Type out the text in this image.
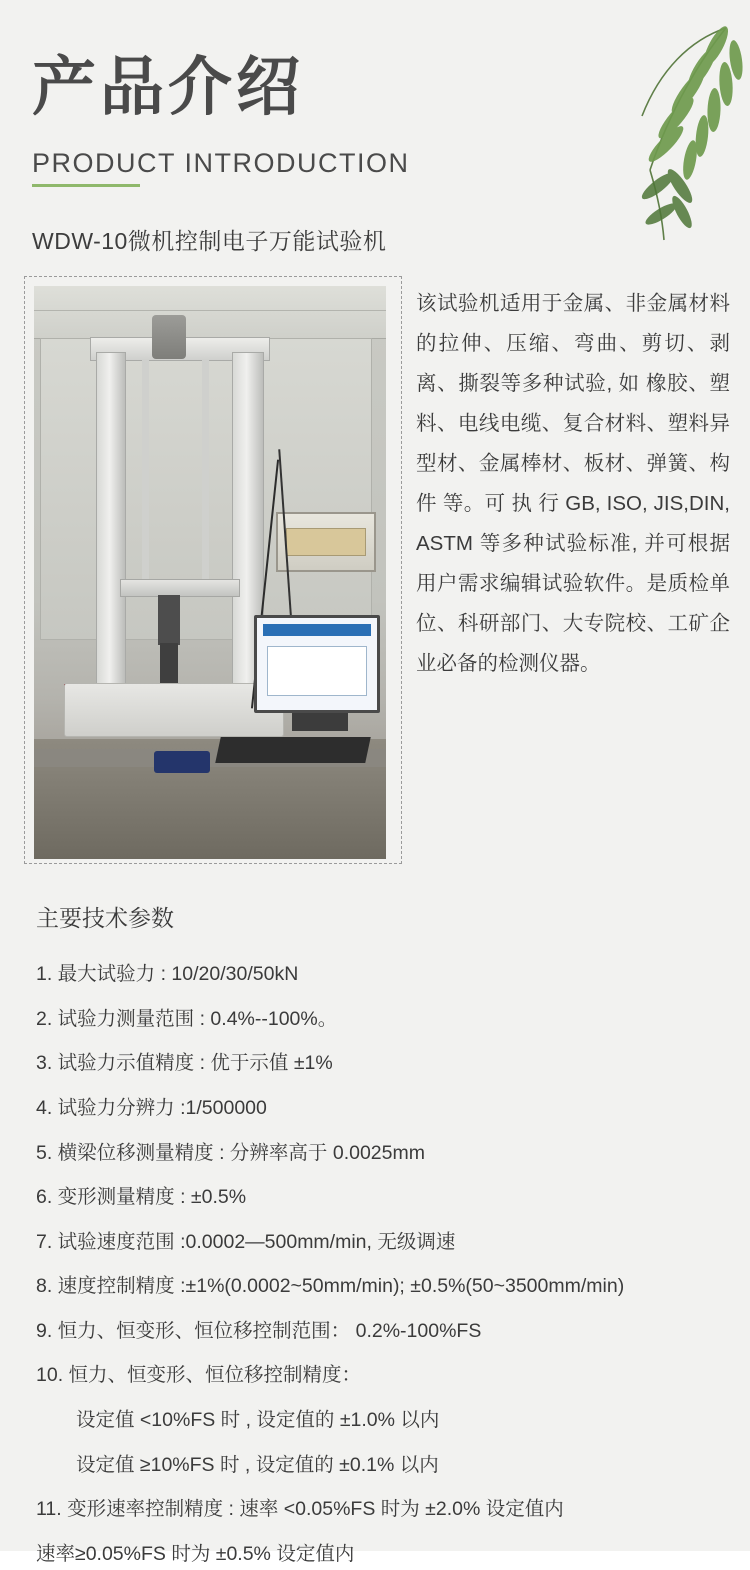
产品介绍
PRODUCT INTRODUCTION
WDW-10微机控制电子万能试验机
该试验机适用于金属、非金属材料的拉伸、压缩、弯曲、剪切、剥离、撕裂等多种试验, 如 橡胶、塑料、电线电缆、复合材料、塑料异型材、金属棒材、板材、弹簧、构 件 等。可 执 行 GB, ISO, JIS,DIN, ASTM 等多种试验标准, 并可根据用户需求编辑试验软件。是质检单位、科研部门、大专院校、工矿企业必备的检测仪器。
主要技术参数
1. 最大试验力 : 10/20/30/50kN
2. 试验力测量范围 : 0.4%--100%。
3. 试验力示值精度 : 优于示值 ±1%
4. 试验力分辨力 :1/500000
5. 横梁位移测量精度 : 分辨率高于 0.0025mm
6. 变形测量精度 : ±0.5%
7. 试验速度范围 :0.0002—500mm/min, 无级调速
8. 速度控制精度 :±1%(0.0002~50mm/min); ±0.5%(50~3500mm/min)
9. 恒力、恒变形、恒位移控制范围： 0.2%-100%FS
10. 恒力、恒变形、恒位移控制精度：
设定值 <10%FS 时 , 设定值的 ±1.0% 以内
设定值 ≥10%FS 时 , 设定值的 ±0.1% 以内
11. 变形速率控制精度 : 速率 <0.05%FS 时为 ±2.0% 设定值内
速率≥0.05%FS 时为 ±0.5% 设定值内
